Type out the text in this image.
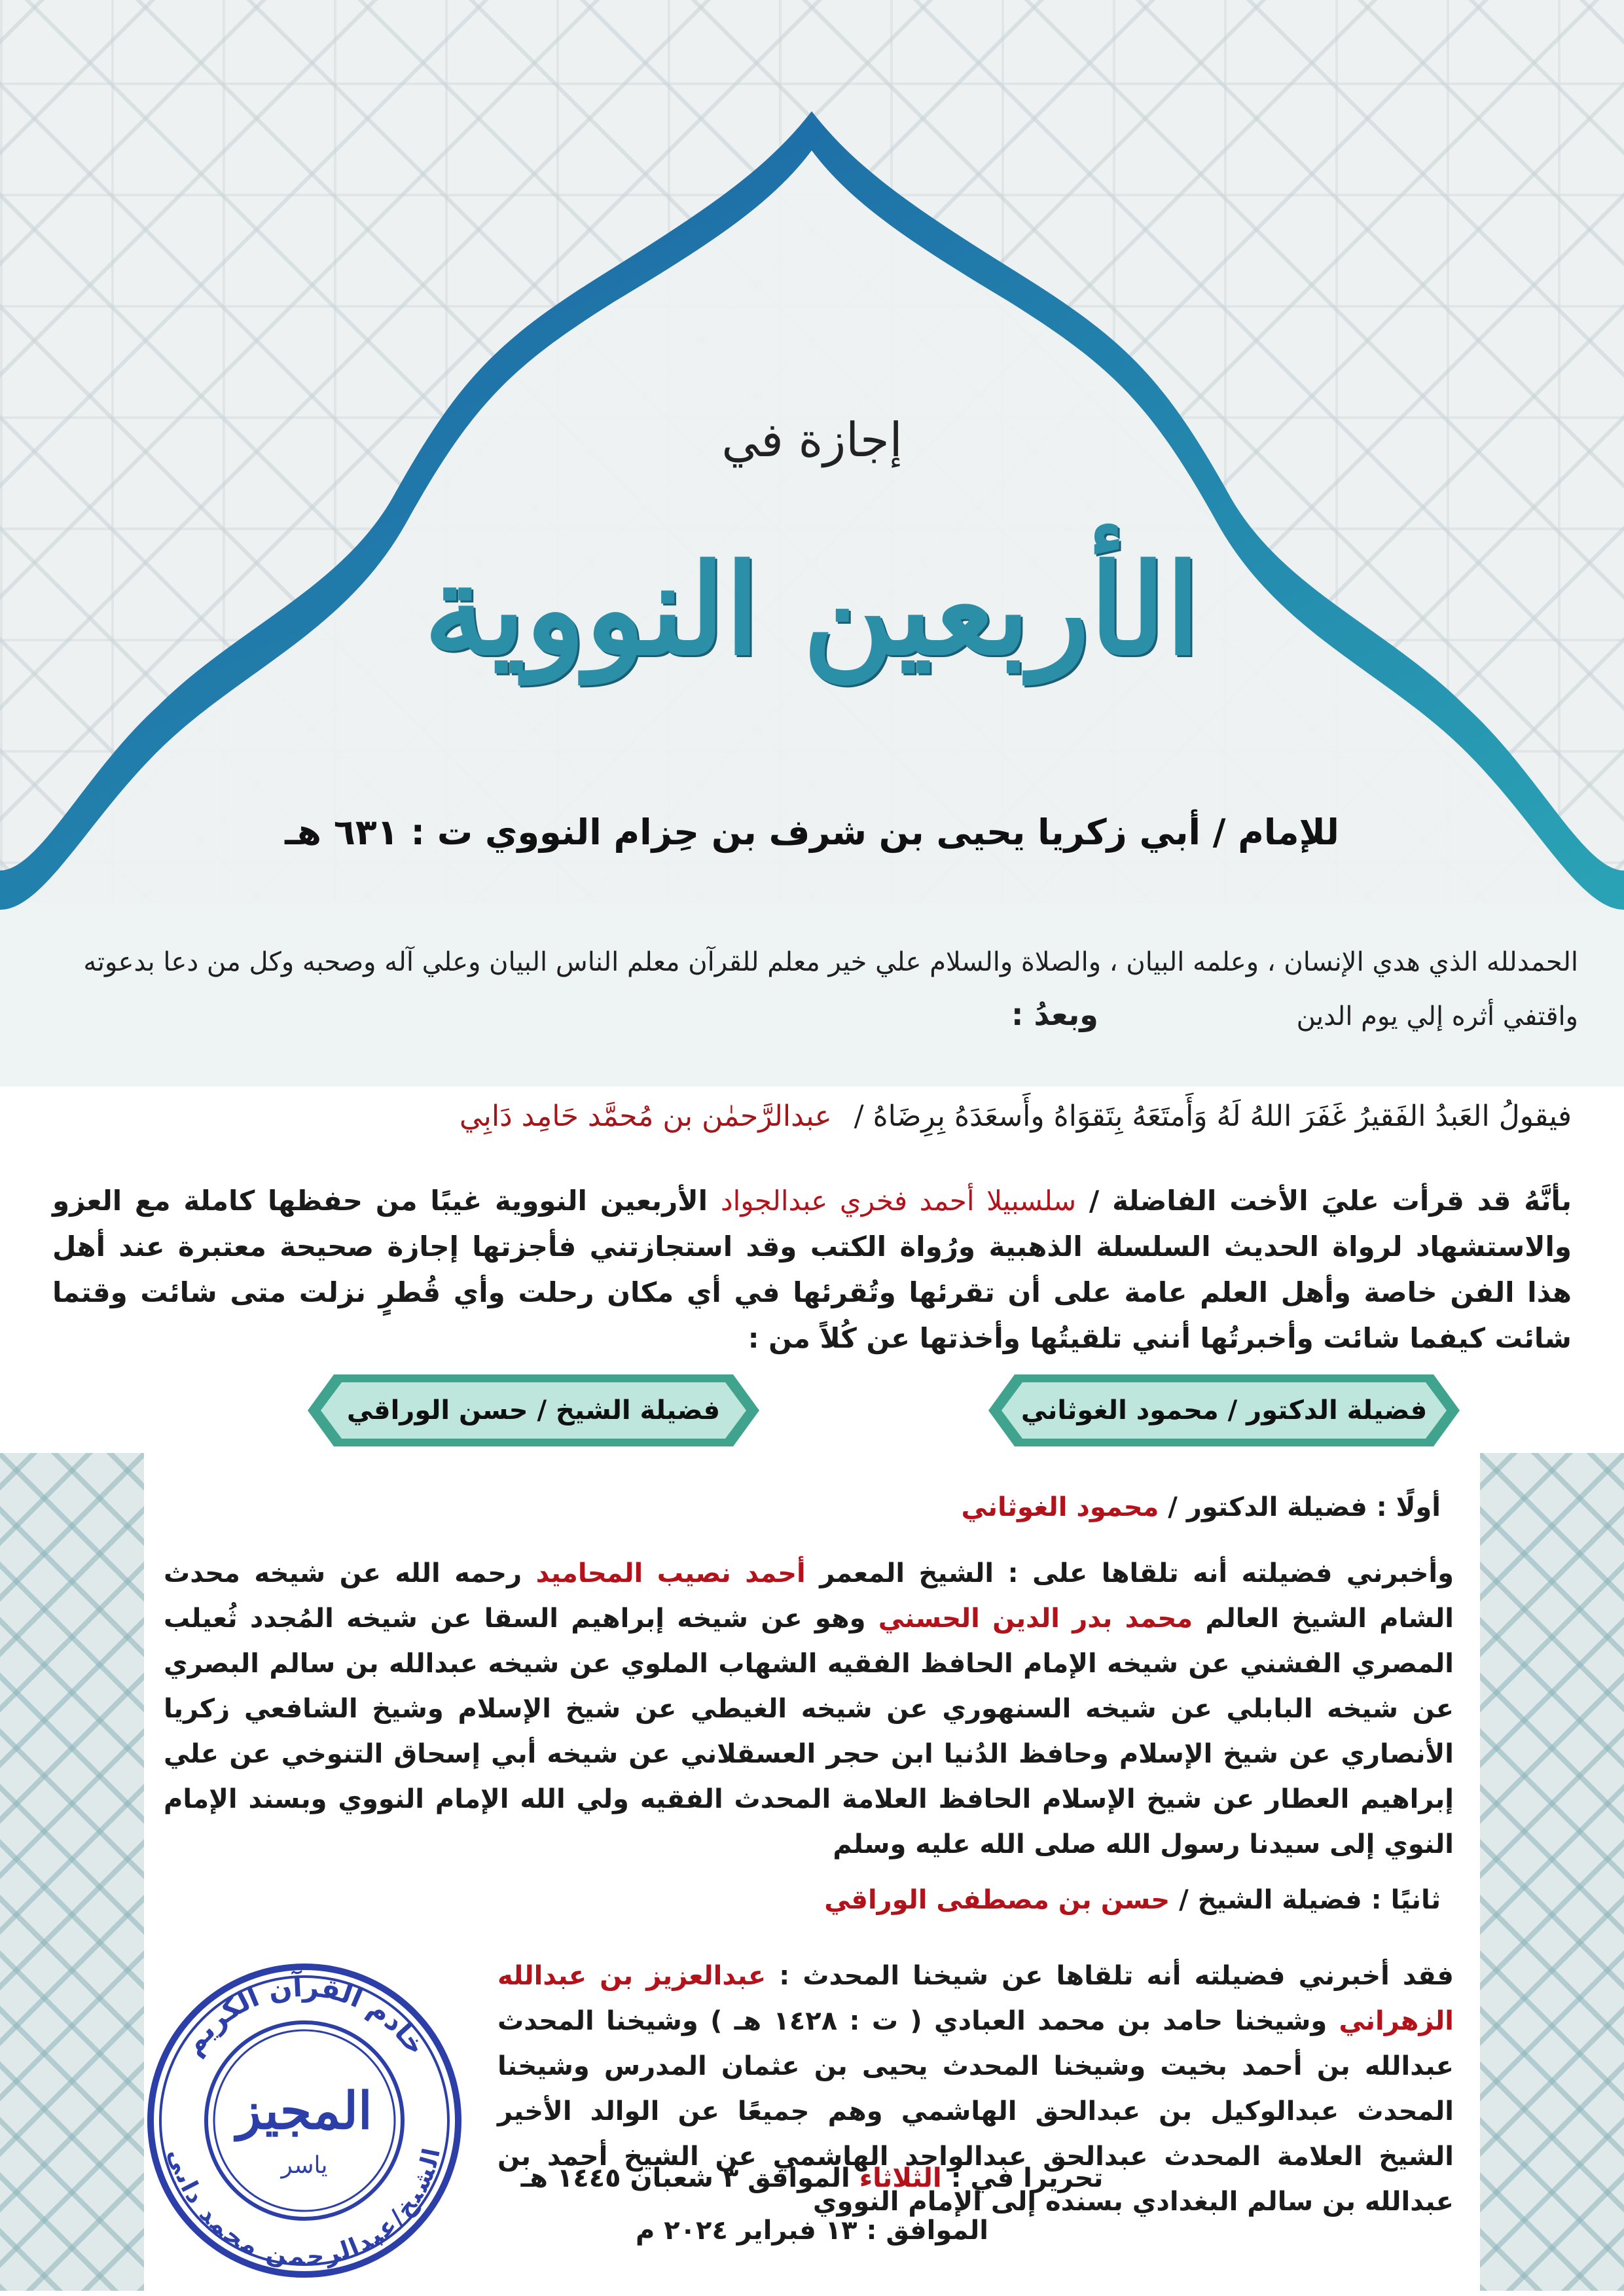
إجازة في
الأربعين النووية
للإمام / أبي زكريا يحيى بن شرف بن حِزام النووي ت : ٦٣١ هـ
الحمدلله الذي هدي الإنسان ، وعلمه البيان ، والصلاة والسلام علي خير معلم للقرآن معلم الناس البيان وعلي آله وصحبه وكل من دعا بدعوته
واقتفي أثره إلي يوم الدين وبعدُ :
فيقولُ العَبدُ الفَقيرُ غَفَرَ اللهُ لَهُ وَأَمتَعَهُ بِتَقوَاهُ وأَسعَدَهُ بِرِضَاهُ / عبدالرَّحمٰن بن مُحمَّد حَامِد دَابِي
بأنَّهُ قد قرأت عليَ الأخت الفاضلة / سلسبيلا أحمد فخري عبدالجواد الأربعين النووية غيبًا من حفظها كاملة مع العزو والاستشهاد لرواة الحديث السلسلة الذهبية ورُواة الكتب وقد استجازتني فأجزتها إجازة صحيحة معتبرة عند أهل هذا الفن خاصة وأهل العلم عامة على أن تقرئها وتُقرئها في أي مكان رحلت وأي قُطرٍ نزلت متى شائت وقتما شائت كيفما شائت وأخبرتُها أنني تلقيتُها وأخذتها عن كُلاً من :
فضيلة الدكتور / محمود الغوثاني
فضيلة الشيخ / حسن الوراقي
أولًا : فضيلة الدكتور / محمود الغوثاني
وأخبرني فضيلته أنه تلقاها على : الشيخ المعمر أحمد نصيب المحاميد رحمه الله عن شيخه محدث الشام الشيخ العالم محمد بدر الدين الحسني وهو عن شيخه إبراهيم السقا عن شيخه المُجدد ثُعيلب المصري الفشني عن شيخه الإمام الحافظ الفقيه الشهاب الملوي عن شيخه عبدالله بن سالم البصري عن شيخه البابلي عن شيخه السنهوري عن شيخه الغيطي عن شيخ الإسلام وشيخ الشافعي زكريا الأنصاري عن شيخ الإسلام وحافظ الدُنيا ابن حجر العسقلاني عن شيخه أبي إسحاق التنوخي عن علي إبراهيم العطار عن شيخ الإسلام الحافظ العلامة المحدث الفقيه ولي الله الإمام النووي وبسند الإمام النوي إلى سيدنا رسول الله صلى الله عليه وسلم
ثانيًا : فضيلة الشيخ / حسن بن مصطفى الوراقي
فقد أخبرني فضيلته أنه تلقاها عن شيخنا المحدث : عبدالعزيز بن عبدالله الزهراني وشيخنا حامد بن محمد العبادي ( ت : ١٤٢٨ هـ ) وشيخنا المحدث عبدالله بن أحمد بخيت وشيخنا المحدث يحيى بن عثمان المدرس وشيخنا المحدث عبدالوكيل بن عبدالحق الهاشمي وهم جميعًا عن الوالد الأخير الشيخ العلامة المحدث عبدالحق عبدالواحد الهاشمي عن الشيخ أحمد بن عبدالله بن سالم البغدادي بسنده إلى الإمام النووي
خادم القرآن الكريم
الشيخ/عبدالرحمن محمد دابي
المجيز
ياسر	تحريرا في : الثلاثاء الموافق ٣ شعبان ١٤٤٥ هـ
الموافق : ١٣ فبراير ٢٠٢٤ م
